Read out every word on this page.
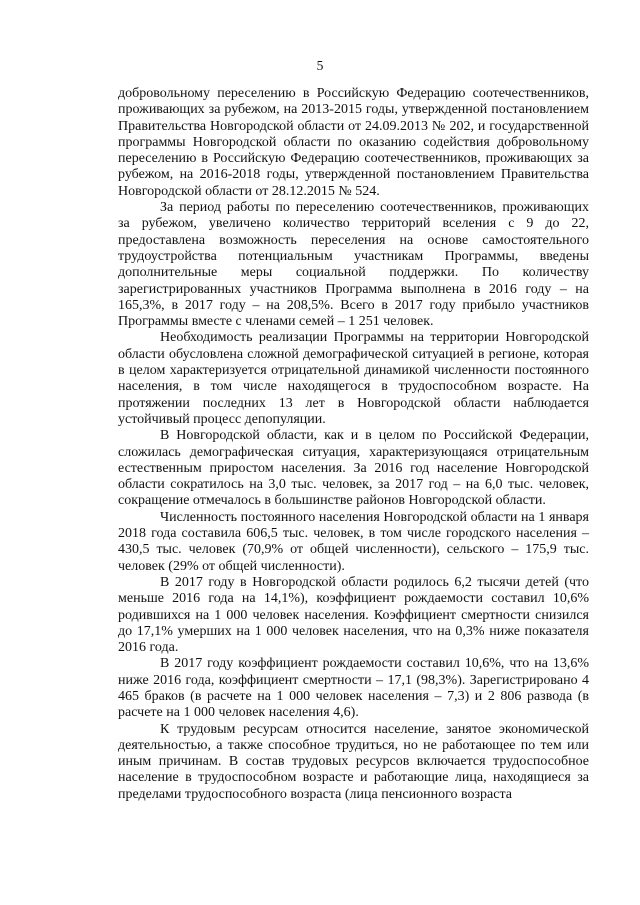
5

добровольному переселению в Российскую Федерацию соотечественников, проживающих за рубежом, на 2013-2015 годы, утвержденной постановлением Правительства Новгородской области от 24.09.2013 № 202, и государственной программы Новгородской области по оказанию содействия добровольному переселению в Российскую Федерацию соотечественников, проживающих за рубежом, на 2016-2018 годы, утвержденной постановлением Правительства Новгородской области от 28.12.2015 № 524.

За период работы по переселению соотечественников, проживающих за рубежом, увеличено количество территорий вселения с 9 до 22, предоставлена возможность переселения на основе самостоятельного трудоустройства потенциальным участникам Программы, введены дополнительные меры социальной поддержки. По количеству зарегистрированных участников Программа выполнена в 2016 году – на 165,3%, в 2017 году – на 208,5%. Всего в 2017 году прибыло участников Программы вместе с членами семей – 1 251 человек.

Необходимость реализации Программы на территории Новгородской области обусловлена сложной демографической ситуацией в регионе, которая в целом характеризуется отрицательной динамикой численности постоянного населения, в том числе находящегося в трудоспособном возрасте. На протяжении последних 13 лет в Новгородской области наблюдается устойчивый процесс депопуляции.

В Новгородской области, как и в целом по Российской Федерации, сложилась демографическая ситуация, характеризующаяся отрицательным естественным приростом населения. За 2016 год население Новгородской области сократилось на 3,0 тыс. человек, за 2017 год – на 6,0 тыс. человек, сокращение отмечалось в большинстве районов Новгородской области.

Численность постоянного населения Новгородской области на 1 января 2018 года составила 606,5 тыс. человек, в том числе городского населения – 430,5 тыс. человек (70,9% от общей численности), сельского – 175,9 тыс. человек (29% от общей численности).

В 2017 году в Новгородской области родилось 6,2 тысячи детей (что меньше 2016 года на 14,1%), коэффициент рождаемости составил 10,6% родившихся на 1 000 человек населения. Коэффициент смертности снизился до 17,1% умерших на 1 000 человек населения, что на 0,3% ниже показателя 2016 года.

В 2017 году коэффициент рождаемости составил 10,6%, что на 13,6% ниже 2016 года, коэффициент смертности – 17,1 (98,3%). Зарегистрировано 4 465 браков (в расчете на 1 000 человек населения – 7,3) и 2 806 развода (в расчете на 1 000 человек населения 4,6).

К трудовым ресурсам относится население, занятое экономической деятельностью, а также способное трудиться, но не работающее по тем или иным причинам. В состав трудовых ресурсов включается трудоспособное население в трудоспособном возрасте и работающие лица, находящиеся за пределами трудоспособного возраста (лица пенсионного возраста
